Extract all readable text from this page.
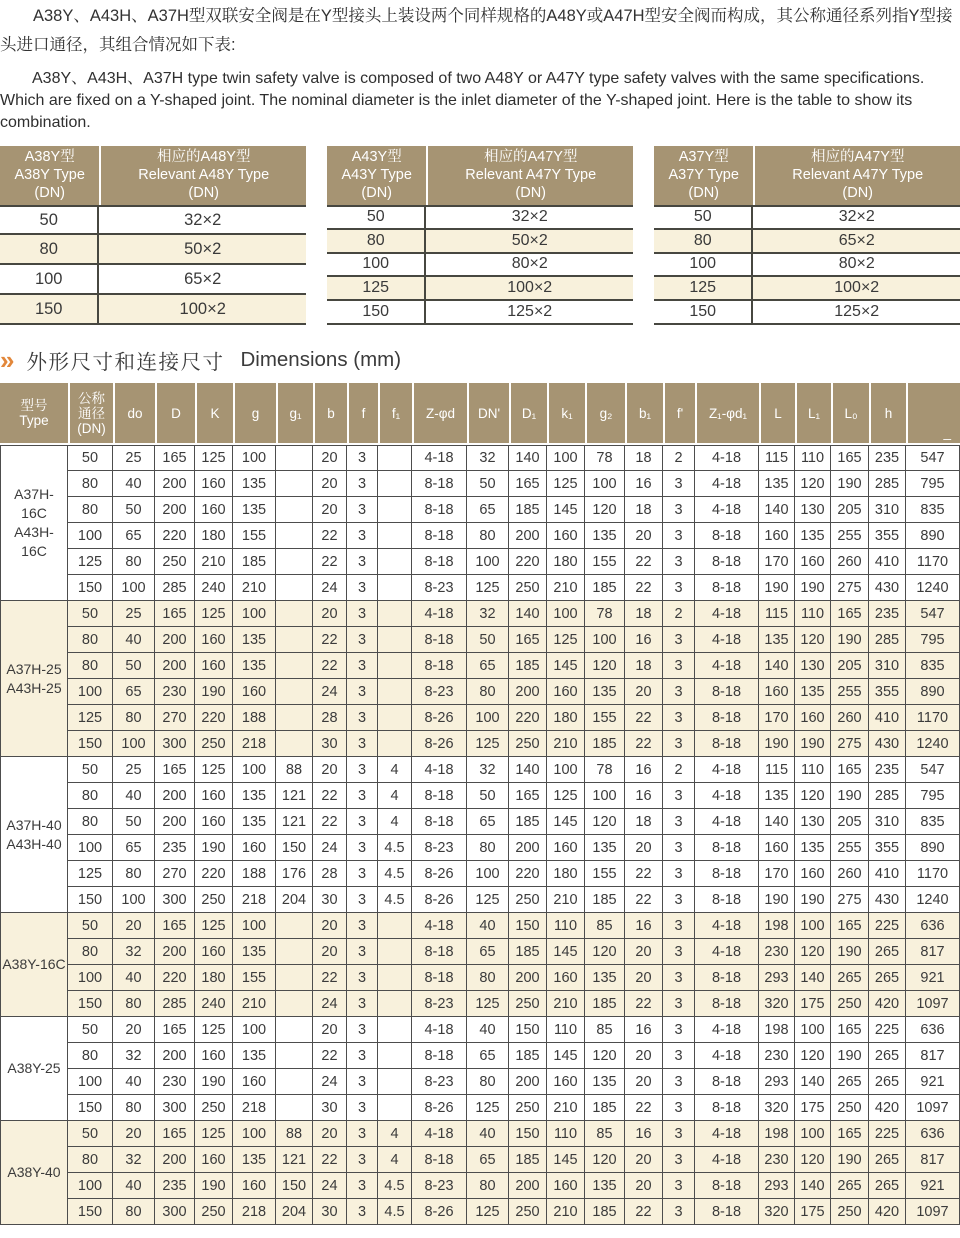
A38Y、A43H、A37H型双联安全阀是在Y型接头上装设两个同样规格的A48Y或A47H型安全阀而构成，其公称通径系列指Y型接头进口通径，其组合情况如下表:

A38Y、A43H、A37H type twin safety valve is composed of two A48Y or A47Y type safety valves with the same specifications. Which are fixed on a Y-shaped joint. The nominal diameter is the inlet diameter of the Y-shaped joint. Here is the table to show its combination.

A38Y型
A38Y Type
(DN)

相应的A48Y型
Relevant A48Y Type
(DN)

50	32×2
80	50×2
100	65×2
150	100×2
A43Y型
A43Y Type
(DN)

相应的A47Y型
Relevant A47Y Type
(DN)

50	32×2
80	50×2
100	80×2
125	100×2
150	125×2
A37Y型
A37Y Type
(DN)

相应的A47Y型
Relevant A47Y Type
(DN)

50	32×2
80	65×2
100	80×2
125	100×2
150	125×2
» 外形尺寸和连接尺寸 Dimensions (mm)
型号
Type

公称
通径
(DN)

do	D	K	g	g₁	b	f	f₁	Z-φd	DN'	D₁	k₁	g₂	b₁	f'	Z₁-φd₁	L	L₁	L₀	h

_

A37H-16C
A43H-16C	50	25	165	125	100		20	3		4-18	32	140	100	78	18	2	4-18	115	110	165	235	547
	80	40	200	160	135		20	3		8-18	50	165	125	100	16	3	4-18	135	120	190	285	795
	80	50	200	160	135		20	3		8-18	65	185	145	120	18	3	4-18	140	130	205	310	835
	100	65	220	180	155		22	3		8-18	80	200	160	135	20	3	8-18	160	135	255	355	890
	125	80	250	210	185		22	3		8-18	100	220	180	155	22	3	8-18	170	160	260	410	1170
	150	100	285	240	210		24	3		8-23	125	250	210	185	22	3	8-18	190	190	275	430	1240
A37H-25
A43H-25	50	25	165	125	100		20	3		4-18	32	140	100	78	18	2	4-18	115	110	165	235	547
	80	40	200	160	135		22	3		8-18	50	165	125	100	16	3	4-18	135	120	190	285	795
	80	50	200	160	135		22	3		8-18	65	185	145	120	18	3	4-18	140	130	205	310	835
	100	65	230	190	160		24	3		8-23	80	200	160	135	20	3	8-18	160	135	255	355	890
	125	80	270	220	188		28	3		8-26	100	220	180	155	22	3	8-18	170	160	260	410	1170
	150	100	300	250	218		30	3		8-26	125	250	210	185	22	3	8-18	190	190	275	430	1240
A37H-40
A43H-40	50	25	165	125	100	88	20	3	4	4-18	32	140	100	78	16	2	4-18	115	110	165	235	547
	80	40	200	160	135	121	22	3	4	8-18	50	165	125	100	16	3	4-18	135	120	190	285	795
	80	50	200	160	135	121	22	3	4	8-18	65	185	145	120	18	3	4-18	140	130	205	310	835
	100	65	235	190	160	150	24	3	4.5	8-23	80	200	160	135	20	3	8-18	160	135	255	355	890
	125	80	270	220	188	176	28	3	4.5	8-26	100	220	180	155	22	3	8-18	170	160	260	410	1170
	150	100	300	250	218	204	30	3	4.5	8-26	125	250	210	185	22	3	8-18	190	190	275	430	1240
A38Y-16C	50	20	165	125	100		20	3		4-18	40	150	110	85	16	3	4-18	198	100	165	225	636
	80	32	200	160	135		20	3		8-18	65	185	145	120	20	3	4-18	230	120	190	265	817
	100	40	220	180	155		22	3		8-18	80	200	160	135	20	3	8-18	293	140	265	265	921
	150	80	285	240	210		24	3		8-23	125	250	210	185	22	3	8-18	320	175	250	420	1097
A38Y-25	50	20	165	125	100		20	3		4-18	40	150	110	85	16	3	4-18	198	100	165	225	636
	80	32	200	160	135		22	3		8-18	65	185	145	120	20	3	4-18	230	120	190	265	817
	100	40	230	190	160		24	3		8-23	80	200	160	135	20	3	8-18	293	140	265	265	921
	150	80	300	250	218		30	3		8-26	125	250	210	185	22	3	8-18	320	175	250	420	1097
A38Y-40	50	20	165	125	100	88	20	3	4	4-18	40	150	110	85	16	3	4-18	198	100	165	225	636
	80	32	200	160	135	121	22	3	4	8-18	65	185	145	120	20	3	4-18	230	120	190	265	817
	100	40	235	190	160	150	24	3	4.5	8-23	80	200	160	135	20	3	8-18	293	140	265	265	921
	150	80	300	250	218	204	30	3	4.5	8-26	125	250	210	185	22	3	8-18	320	175	250	420	1097
